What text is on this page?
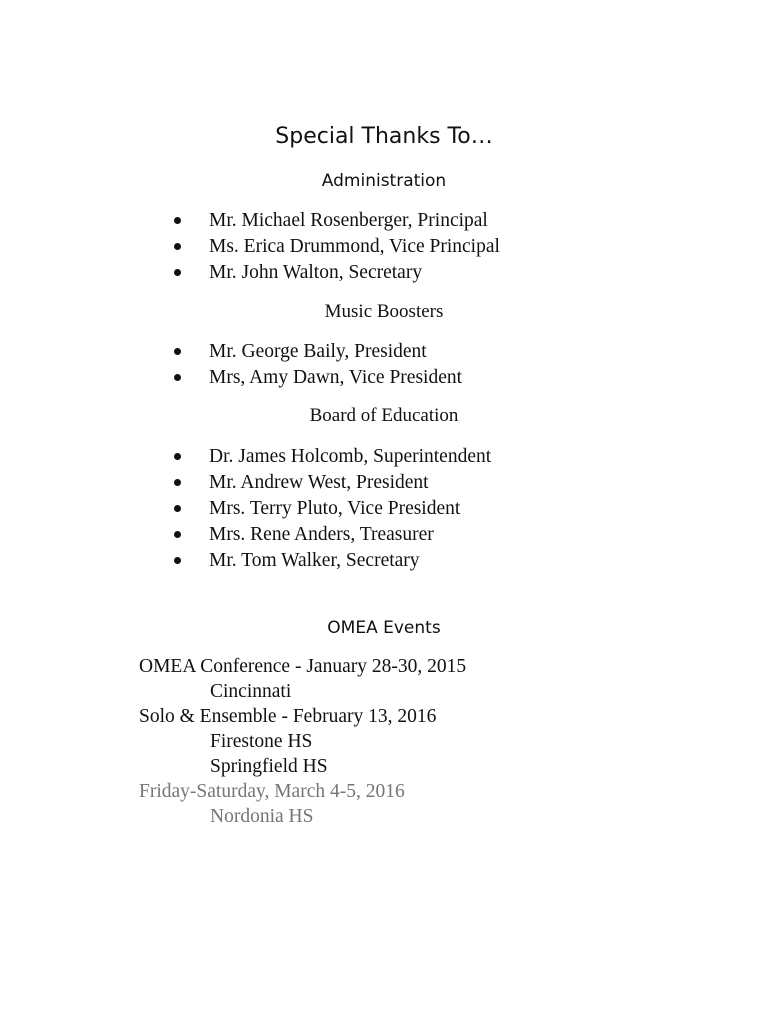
Special Thanks To…
Administration
Mr. Michael Rosenberger, Principal
Ms. Erica Drummond, Vice Principal
Mr. John Walton, Secretary
Music Boosters
Mr. George Baily, President
Mrs, Amy Dawn, Vice President
Board of Education
Dr. James Holcomb, Superintendent
Mr. Andrew West, President
Mrs. Terry Pluto, Vice President
Mrs. Rene Anders, Treasurer
Mr. Tom Walker, Secretary
OMEA Events
OMEA Conference - January 28-30, 2015
Cincinnati
Solo & Ensemble - February 13, 2016
Firestone HS
Springfield HS
Friday-Saturday, March 4-5, 2016
Nordonia HS
